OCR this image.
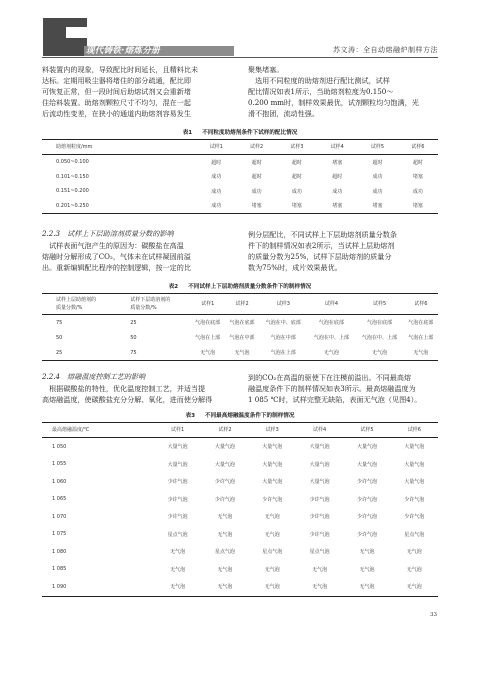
现代铸铁·熔炼分册	苏文涛：全自动熔融炉制样方法
料装置内的现象，导致配比时间延长，且精料比未
达标。定期用吸尘器将堵住的部分疏通，配比即
可恢复正常，但一段时间后助熔试剂又会重新堵
住给料装置。助熔剂颗粒尺寸不均匀，混在一起
后流动性变差，在狭小的通道内助熔剂容易发生
聚集堵塞。
　选用不同粒度的助熔剂进行配比测试，试样
配比情况如表1所示，当助熔剂粒度为0.150～
0.200 mm时，制样效果最优，试剂颗粒均匀饱满，光
滑不抱团，流动性强。
表1 不同粒度助熔剂条件下试样的配比情况
助熔剂粒度/mm	试样1	试样2	试样3	试样4	试样5	试样6
0.050~0.100	超时	超时	超时	堵塞	超时	超时
0.101~0.150	成功	超时	超时	超时	成功	堵塞
0.151~0.200	成功	成功	成功	成功	成功	成功
0.201~0.250	成功	堵塞	堵塞	堵塞	堵塞	堵塞
2.2.3　试样上下层助溶剂质量分数的影响
　试样表面气泡产生的原因为：碳酸盐在高温
熔融时分解形成了CO₂，气体未在试样凝固前溢
出。重新编辑配比程序的控制逻辑，按一定的比
例分层配比，不同试样上下层助熔剂质量分数条
件下的制样情况如表2所示，当试样上层助熔剂
的质量分数为25%，试样下层助熔剂的质量分
数为75%时，成片效果最优。
表2 不同试样上下层助熔剂质量分数条件下的制样情况
试样上层助熔剂的
质量分数/%	试样下层助溶剂的
质量分数/%	试样1	试样2	试样3	试样4	试样5	试样6
75	25	气泡在底部	气泡在底部	气泡在中、底部	气泡在底部	气泡在底部	气泡在底部
50	50	气泡在上部	气泡在中部	气泡在中部	气泡在中、上部	气泡在中、上部	气泡在上部
25	75	无气泡	无气泡	气泡在上部	无气泡	无气泡	无气泡
2.2.4　熔融温度控制工艺的影响
　根据碳酸盐的特性，优化温度控制工艺，并适当提
高熔融温度，使碳酸盐充分分解、氧化，进而使分解得
到的CO₂在高温的驱使下在注模前溢出。不同最高熔
融温度条件下的制样情况如表3所示。最高熔融温度为
1 085 ℃时，试样完整无缺陷，表面无气泡（见图4）。
表3 不同最高熔融温度条件下的制样情况
最高熔融温度/℃	试样1	试样2	试样3	试样4	试样5	试样6
1 050	大量气泡	大量气泡	大量气泡	大量气泡	大量气泡	大量气泡
1 055	大量气泡	大量气泡	大量气泡	大量气泡	大量气泡	大量气泡
1 060	少许气泡	少许气泡	大量气泡	大量气泡	少许气泡	大量气泡
1 065	少许气泡	少许气泡	少许气泡	少许气泡	少许气泡	少许气泡
1 070	少许气泡	无气泡	无气泡	少许气泡	少许气泡	少许气泡
1 075	星点气泡	无气泡	无气泡	少许气泡	少许气泡	星点气泡
1 080	无气泡	星点气泡	星点气泡	星点气泡	无气泡	无气泡
1 085	无气泡	无气泡	无气泡	无气泡	无气泡	无气泡
1 090	无气泡	无气泡	无气泡	无气泡	无气泡	无气泡
33
